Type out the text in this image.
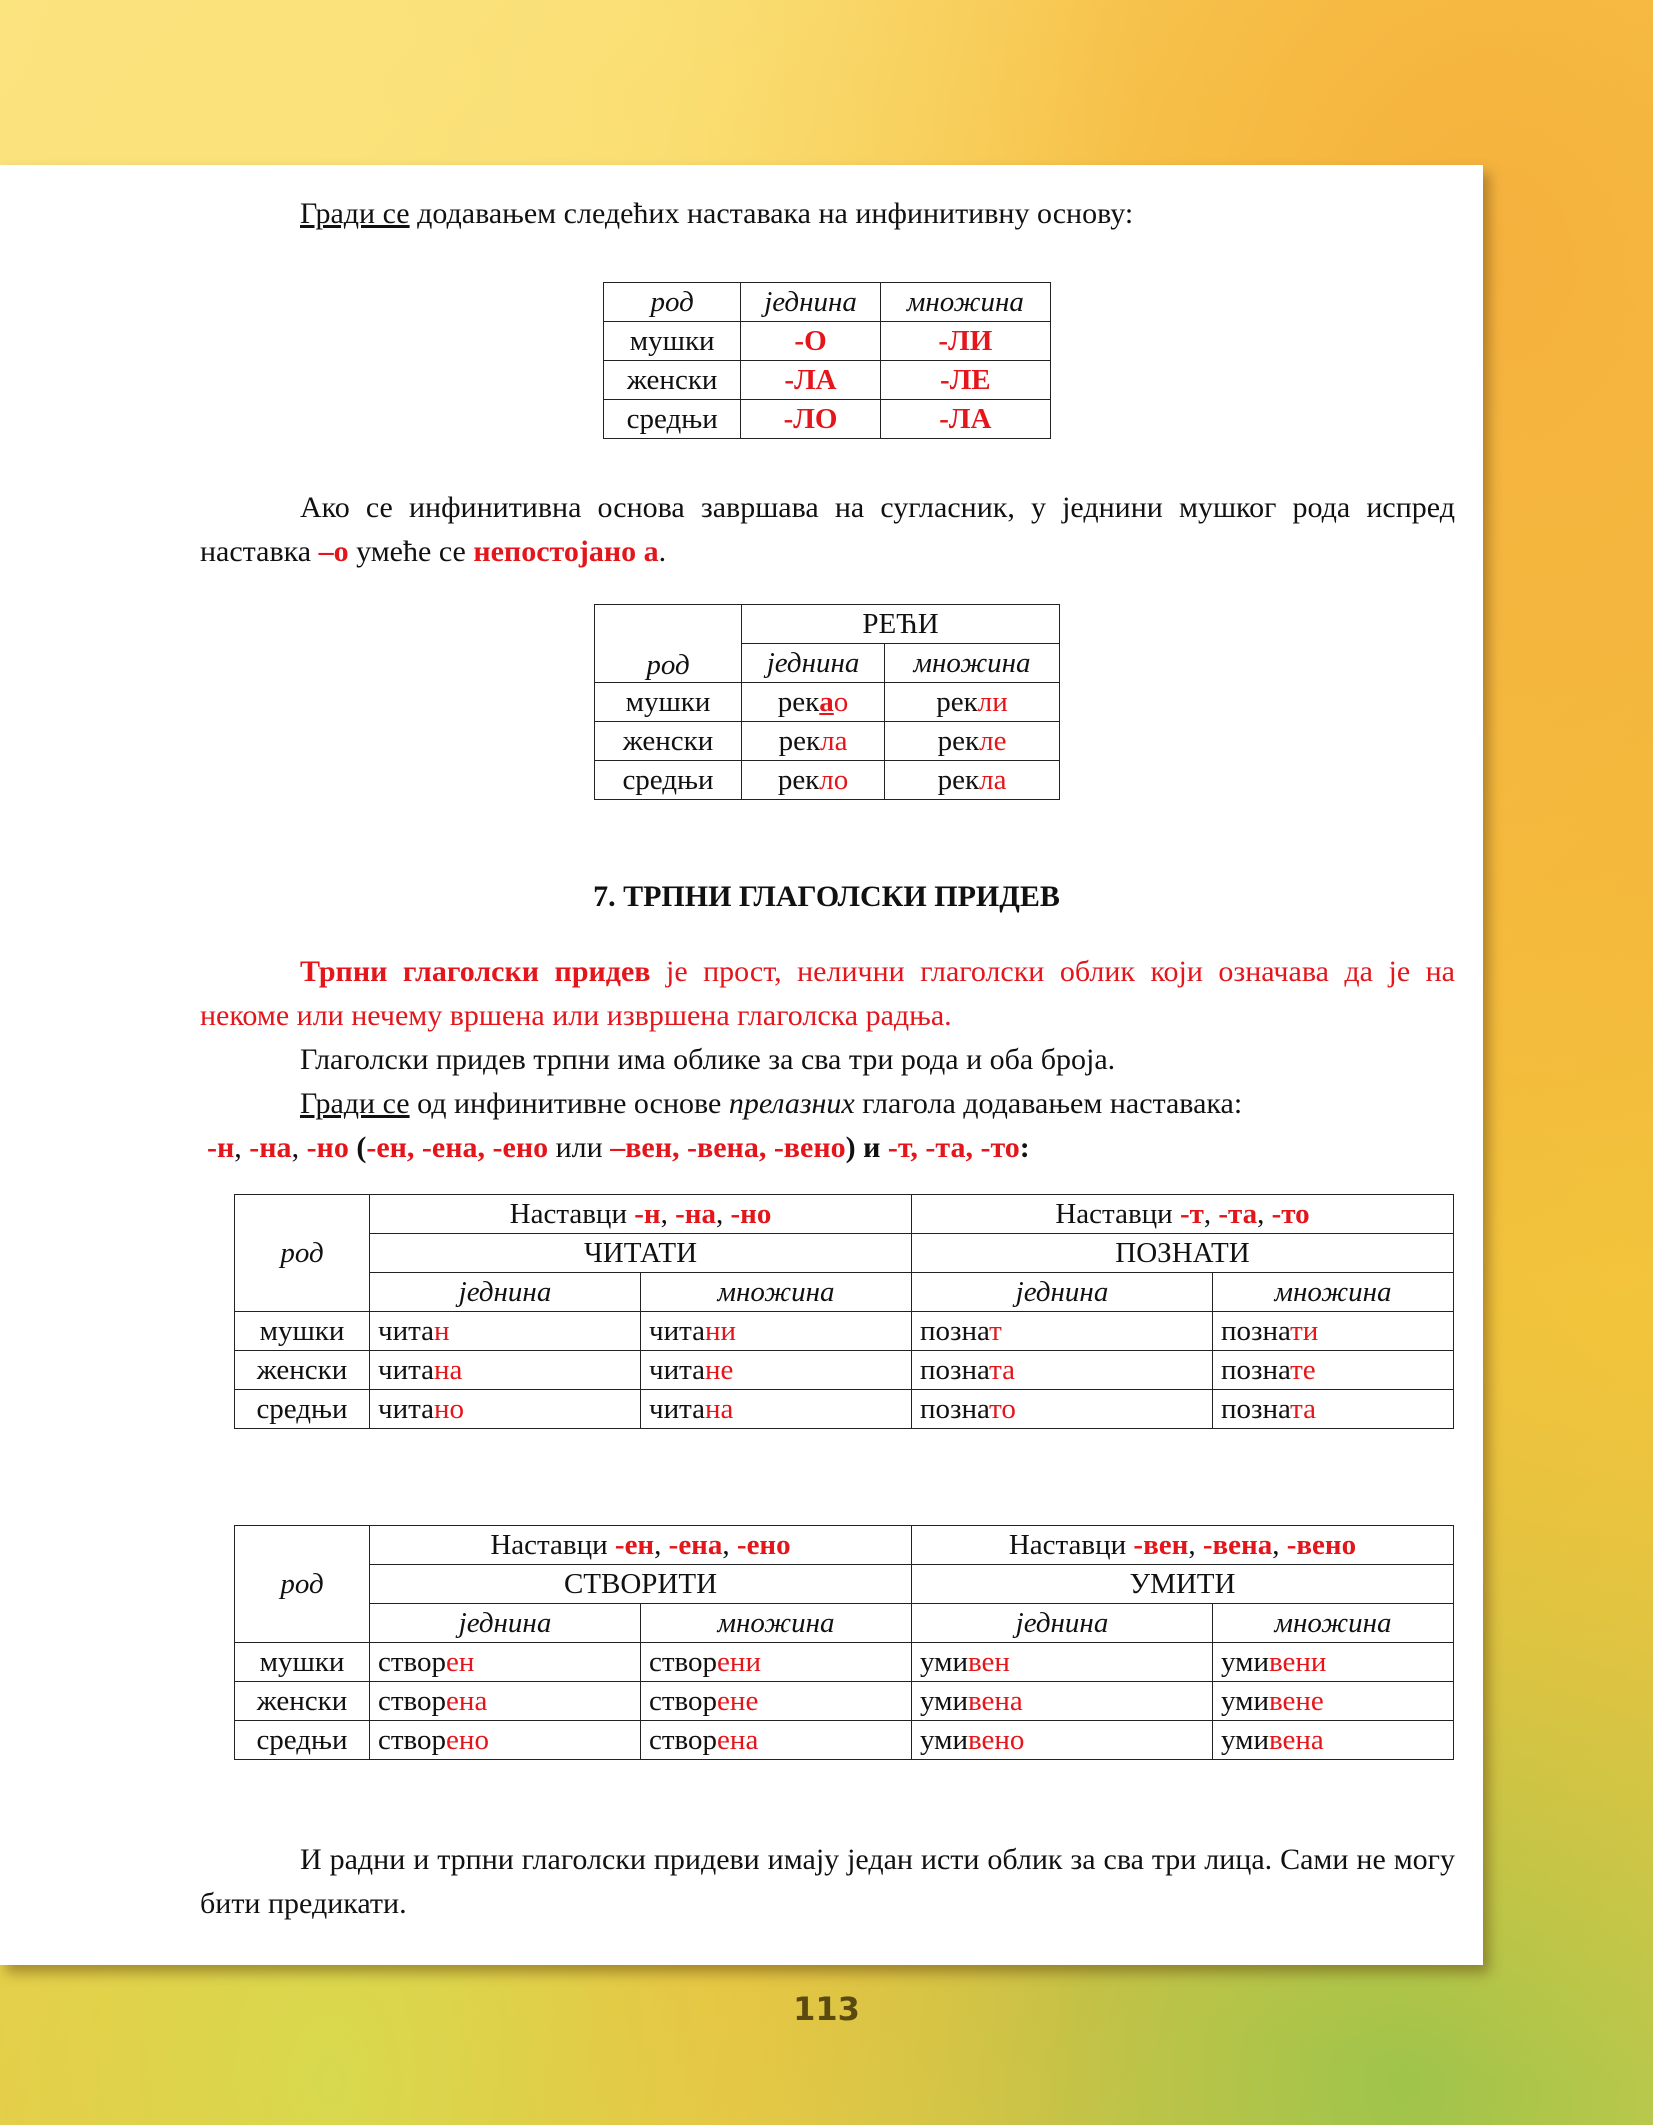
Гради се додавањем следећих наставака на инфинитивну основу:

род	једнина	множина
мушки	-О	-ЛИ
женски	-ЛА	-ЛЕ
средњи	-ЛО	-ЛА

Ако се инфинитивна основа завршава на сугласник, у једнини мушког рода испред наставка –о умеће се непостојано а.

род	РЕЋИ	
	једнина	множина
мушки	рекао	рекли
женски	рекла	рекле
средњи	рекло	рекла

7. ТРПНИ ГЛАГОЛСКИ ПРИДЕВ

Трпни глаголски придев је прост, нелични глаголски облик који означава да је на некоме или нечему вршена или извршена глаголска радња.

Глаголски придев трпни има облике за сва три рода и оба броја.

Гради се од инфинитивне основе прелазних глагола додавањем наставака:

-н, -на, -но (-ен, -ена, -ено или –вен, -вена, -вено) и -т, -та, -то:

род	Наставци -н, -на, -но		Наставци -т, -та, -то	
	ЧИТАТИ		ПОЗНАТИ	
	једнина	множина	једнина	множина
мушки	читан	читани	познат	познати
женски	читана	читане	позната	познате
средњи	читано	читана	познато	позната
род	Наставци -ен, -ена, -ено		Наставци -вен, -вена, -вено	
	СТВОРИТИ		УМИТИ	
	једнина	множина	једнина	множина
мушки	створен	створени	умивен	умивени
женски	створена	створене	умивена	умивене
средњи	створено	створена	умивено	умивена

И радни и трпни глаголски придеви имају један исти облик за сва три лица. Сами не могу бити предикати.

113
